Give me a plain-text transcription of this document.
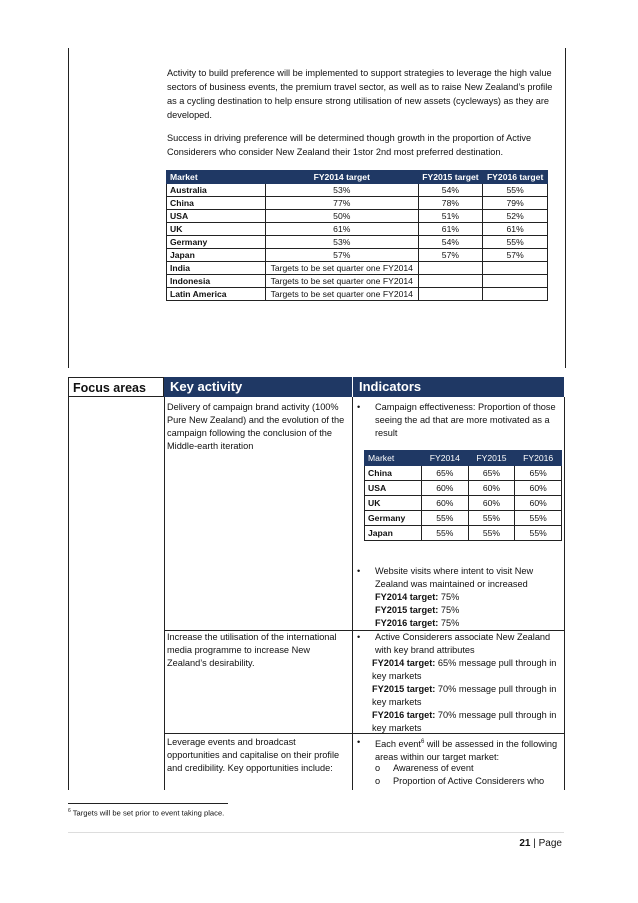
Activity to build preference will be implemented to support strategies to leverage the high value sectors of business events, the premium travel sector, as well as to raise New Zealand’s profile as a cycling destination to help ensure strong utilisation of new assets (cycleways) as they are developed.
Success in driving preference will be determined though growth in the proportion of Active Considerers who consider New Zealand their 1stor 2nd most preferred destination.
Market	FY2014 target	FY2015 target	FY2016 target
Australia	53%	54%	55%
China	77%	78%	79%
USA	50%	51%	52%
UK	61%	61%	61%
Germany	53%	54%	55%
Japan	57%	57%	57%
India	Targets to be set quarter one FY2014		
Indonesia	Targets to be set quarter one FY2014		
Latin America	Targets to be set quarter one FY2014		
Focus areas	Key activity	Indicators
Delivery of campaign brand activity (100% Pure New Zealand) and the evolution of the campaign following the conclusion of the Middle-earth iteration
• Campaign effectiveness: Proportion of those seeing the ad that are more motivated as a result
Market	FY2014	FY2015	FY2016
China	65%	65%	65%
USA	60%	60%	60%
UK	60%	60%	60%
Germany	55%	55%	55%
Japan	55%	55%	55%
• Website visits where intent to visit New Zealand was maintained or increased
FY2014 target: 75%
FY2015 target: 75%
FY2016 target: 75%
Increase the utilisation of the international media programme to increase New Zealand’s desirability.
• Active Considerers associate New Zealand with key brand attributes
FY2014 target: 65% message pull through in key markets
FY2015 target: 70% message pull through in key markets
FY2016 target: 70% message pull through in key markets
Leverage events and broadcast opportunities and capitalise on their profile and credibility. Key opportunities include:
• Each event$^6$ will be assessed in the following areas within our target market:
o Awareness of event
o Proportion of Active Considerers who
$^6$ Targets will be set prior to event taking place.
21 | Page
